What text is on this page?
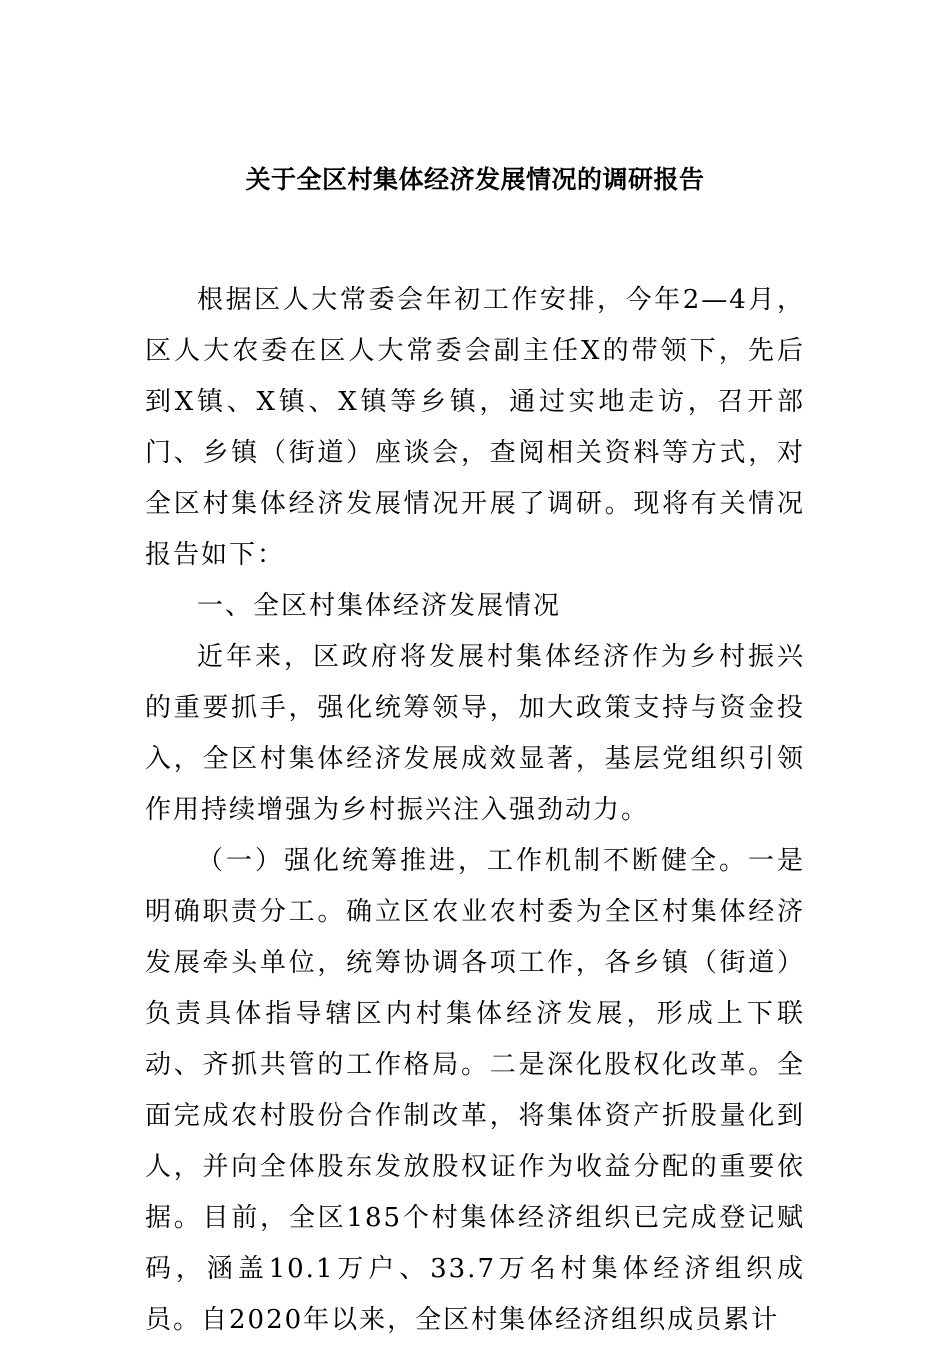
关于全区村集体经济发展情况的调研报告

根据区人大常委会年初工作安排，今年2—4月，区人大农委在区人大常委会副主任X的带领下，先后到X镇、X镇、X镇等乡镇，通过实地走访，召开部门、乡镇（街道）座谈会，查阅相关资料等方式，对全区村集体经济发展情况开展了调研。现将有关情况报告如下：

一、全区村集体经济发展情况

近年来，区政府将发展村集体经济作为乡村振兴的重要抓手，强化统筹领导，加大政策支持与资金投入，全区村集体经济发展成效显著，基层党组织引领作用持续增强为乡村振兴注入强劲动力。

（一）强化统筹推进，工作机制不断健全。一是明确职责分工。确立区农业农村委为全区村集体经济发展牵头单位，统筹协调各项工作，各乡镇（街道）负责具体指导辖区内村集体经济发展，形成上下联动、齐抓共管的工作格局。二是深化股权化改革。全面完成农村股份合作制改革，将集体资产折股量化到人，并向全体股东发放股权证作为收益分配的重要依据。目前，全区185个村集体经济组织已完成登记赋码，涵盖10.1万户、33.7万名村集体经济组织成员。自2020年以来，全区村集体经济组织成员累计
